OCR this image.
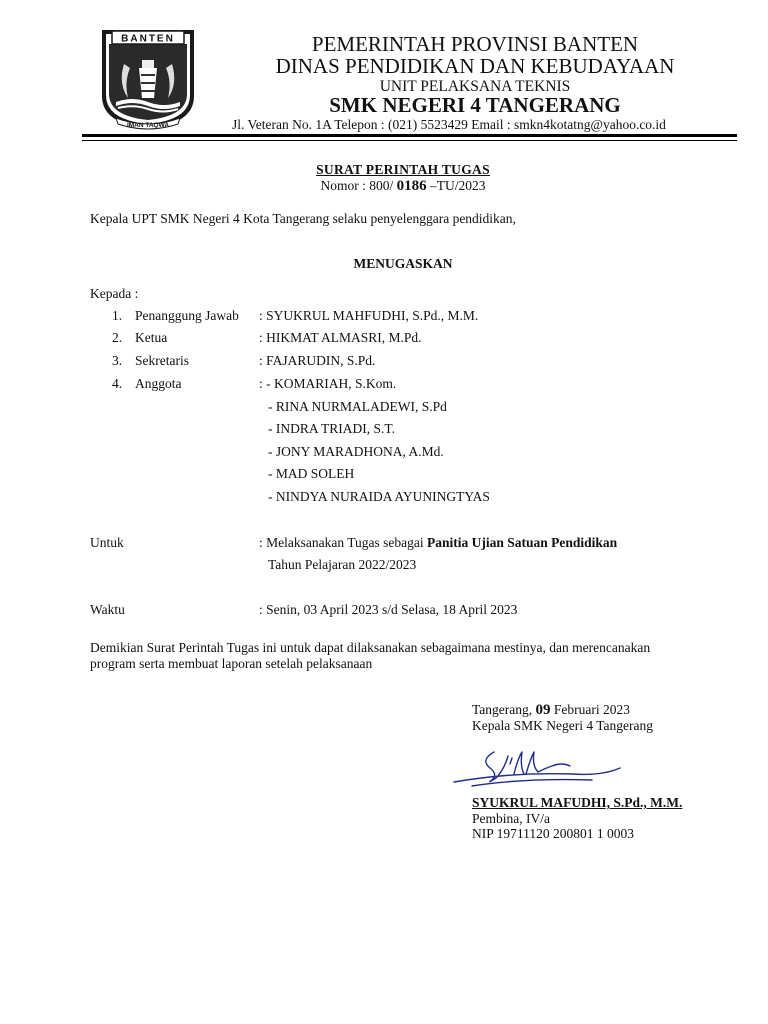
BANTEN
IMAN TAQWA
PEMERINTAH PROVINSI BANTEN
DINAS PENDIDIKAN DAN KEBUDAYAAN
UNIT PELAKSANA TEKNIS
SMK NEGERI 4 TANGERANG
Jl. Veteran No. 1A Telepon : (021) 5523429 Email : smkn4kotatng@yahoo.co.id
SURAT PERINTAH TUGAS
Nomor : 800/ 0186 –TU/2023
Kepala UPT SMK Negeri 4 Kota Tangerang selaku penyelenggara pendidikan,
MENUGASKAN
Kepada :
1. Penanggung Jawab : SYUKRUL MAHFUDHI, S.Pd., M.M.
2. Ketua	: HIKMAT ALMASRI, M.Pd.
3. Sekretaris	: FAJARUDIN, S.Pd.
4. Anggota	: - KOMARIAH, S.Kom.
- RINA NURMALADEWI, S.Pd
- INDRA TRIADI, S.T.
- JONY MARADHONA, A.Md.
- MAD SOLEH
- NINDYA NURAIDA AYUNINGTYAS
Untuk	: Melaksanakan Tugas sebagai Panitia Ujian Satuan Pendidikan
Tahun Pelajaran 2022/2023
Waktu	: Senin, 03 April 2023 s/d Selasa, 18 April 2023
Demikian Surat Perintah Tugas ini untuk dapat dilaksanakan sebagaimana mestinya, dan merencanakan
program serta membuat laporan setelah pelaksanaan
Tangerang, 09 Februari 2023
Kepala SMK Negeri 4 Tangerang
SYUKRUL MAFUDHI, S.Pd., M.M.
Pembina, IV/a
NIP 19711120 200801 1 0003
